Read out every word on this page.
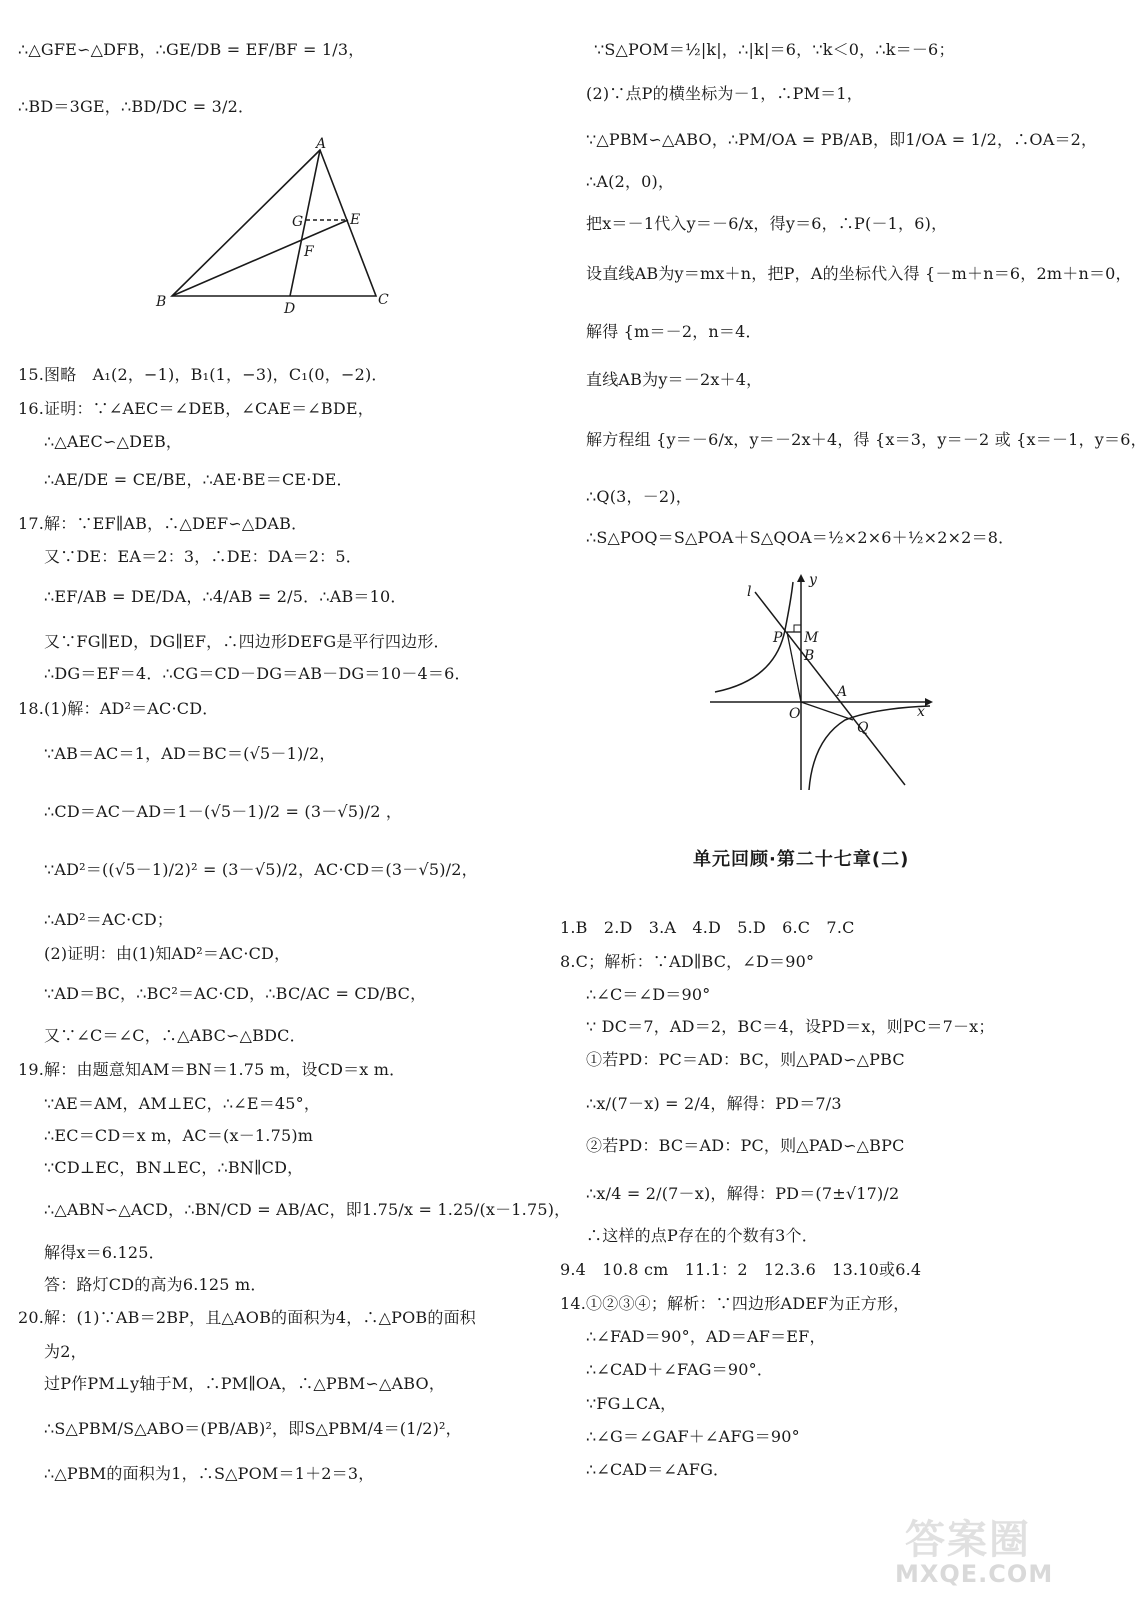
∴△GFE∽△DFB，∴GE/DB = EF/BF = 1/3，
∴BD＝3GE，∴BD/DC = 3/2．
15.图略　A₁(2，−1)，B₁(1，−3)，C₁(0，−2)．
16.证明：∵∠AEC＝∠DEB，∠CAE＝∠BDE，
∴△AEC∽△DEB，
∴AE/DE = CE/BE，∴AE·BE＝CE·DE．
17.解：∵EF∥AB，∴△DEF∽△DAB．
又∵DE：EA＝2：3，∴DE：DA＝2：5．
∴EF/AB = DE/DA，∴4/AB = 2/5．∴AB＝10．
又∵FG∥ED，DG∥EF，∴四边形DEFG是平行四边形．
∴DG＝EF＝4．∴CG＝CD－DG＝AB－DG＝10－4＝6．
18.(1)解：AD²＝AC·CD．
∵AB＝AC＝1，AD＝BC＝(√5－1)/2，
∴CD＝AC－AD＝1－(√5－1)/2 = (3－√5)/2 ，
∵AD²＝((√5－1)/2)² = (3－√5)/2，AC·CD＝(3－√5)/2，
∴AD²＝AC·CD；
(2)证明：由(1)知AD²＝AC·CD，
∵AD＝BC，∴BC²＝AC·CD，∴BC/AC = CD/BC，
又∵∠C＝∠C，∴△ABC∽△BDC．
19.解：由题意知AM＝BN＝1.75 m，设CD＝x m．
∵AE＝AM，AM⊥EC，∴∠E＝45°，
∴EC＝CD＝x m，AC＝(x－1.75)m
∵CD⊥EC，BN⊥EC，∴BN∥CD，
∴△ABN∽△ACD，∴BN/CD = AB/AC，即1.75/x = 1.25/(x－1.75)，
解得x＝6.125．
答：路灯CD的高为6.125 m．
20.解：(1)∵AB＝2BP，且△AOB的面积为4，∴△POB的面积
为2，
过P作PM⊥y轴于M，∴PM∥OA，∴△PBM∽△ABO，
∴S△PBM/S△ABO＝(PB/AB)²，即S△PBM/4＝(1/2)²，
∴△PBM的面积为1，∴S△POM＝1＋2＝3，
A
B	C
D
E
F
G
∵S△POM＝½|k|，∴|k|＝6，∵k＜0，∴k＝－6；
(2)∵点P的横坐标为－1，∴PM＝1，
∵△PBM∽△ABO，∴PM/OA = PB/AB，即1/OA = 1/2，∴OA＝2，
∴A(2，0)，
把x＝－1代入y＝－6/x，得y＝6，∴P(－1，6)，
设直线AB为y＝mx＋n，把P，A的坐标代入得 {－m＋n＝6，2m＋n＝0，
解得 {m＝－2，n＝4．
直线AB为y＝－2x＋4，
解方程组 {y＝－6/x，y＝－2x＋4，得 {x＝3，y＝－2 或 {x＝－1，y＝6，
∴Q(3，－2)，
∴S△POQ＝S△POA＋S△QOA＝½×2×6＋½×2×2＝8．
1.B　2.D　3.A　4.D　5.D　6.C　7.C
8.C；解析：∵AD∥BC，∠D＝90°
∴∠C＝∠D＝90°
∵ DC＝7，AD＝2，BC＝4，设PD＝x，则PC＝7－x；
①若PD：PC＝AD：BC，则△PAD∽△PBC
∴x/(7－x) = 2/4，解得：PD＝7/3
②若PD：BC＝AD：PC，则△PAD∽△BPC
∴x/4 = 2/(7－x)，解得：PD＝(7±√17)/2
∴这样的点P存在的个数有3个．
9.4　10.8 cm　11.1：2　12.3.6　13.10或6.4
14.①②③④；解析：∵四边形ADEF为正方形，
∴∠FAD＝90°，AD＝AF＝EF，
∴∠CAD＋∠FAG＝90°．
∵FG⊥CA，
∴∠G＝∠GAF＋∠AFG＝90°
∴∠CAD＝∠AFG．
l
y
x
P M
B
A
O
Q
单元回顾·第二十七章(二)
答案圈
MXQE.COM
